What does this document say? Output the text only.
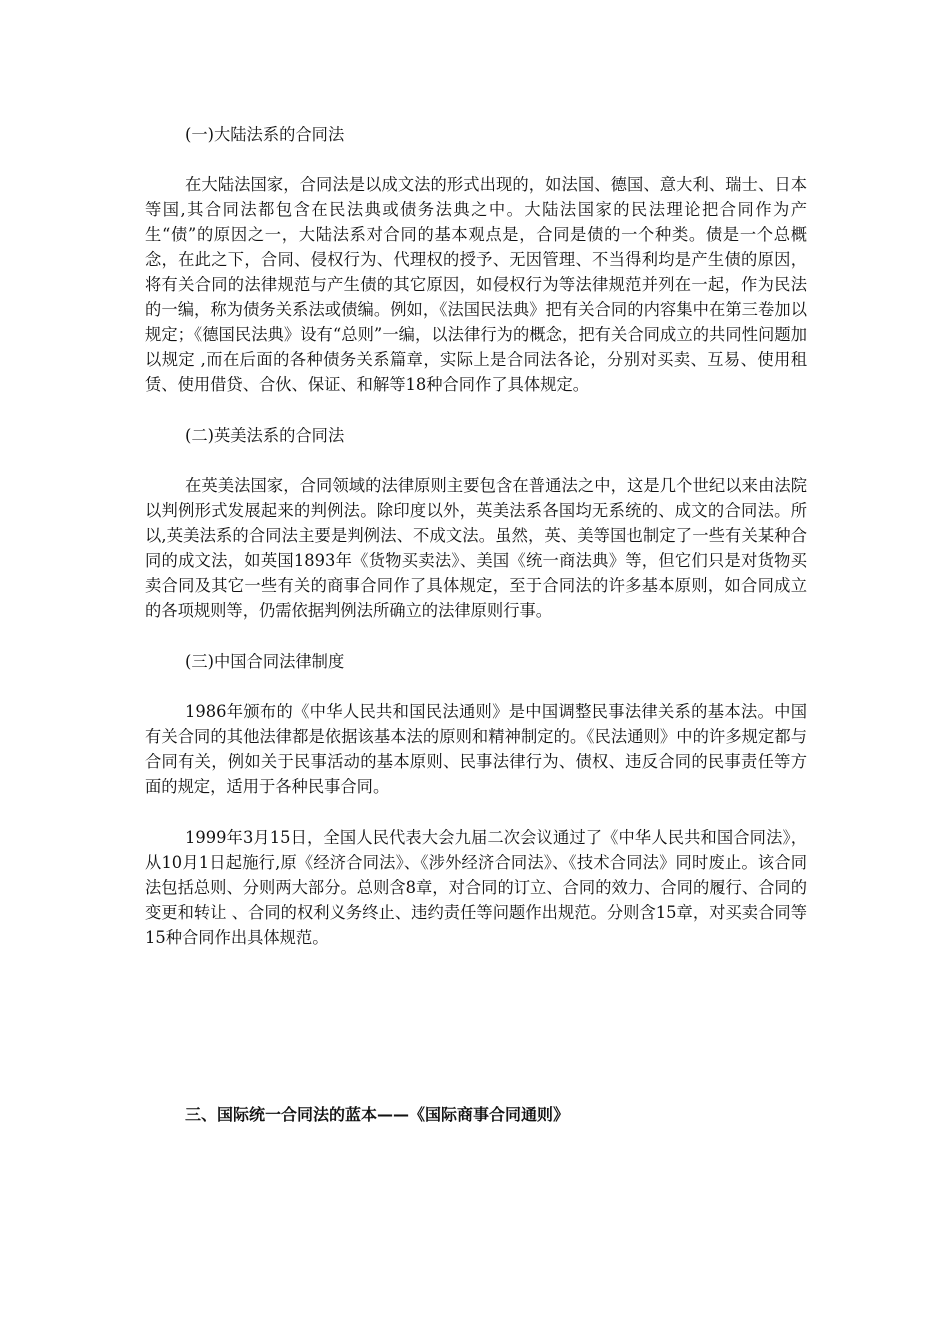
(一)大陆法系的合同法

在大陆法国家，合同法是以成文法的形式出现的，如法国、德国、意大利、瑞士、日本等国,其合同法都包含在民法典或债务法典之中。大陆法国家的民法理论把合同作为产生“债”的原因之一，大陆法系对合同的基本观点是，合同是债的一个种类。债是一个总概念，在此之下，合同、侵权行为、代理权的授予、无因管理、不当得利均是产生债的原因，将有关合同的法律规范与产生债的其它原因，如侵权行为等法律规范并列在一起，作为民法的一编，称为债务关系法或债编。例如，《法国民法典》把有关合同的内容集中在第三卷加以规定；《德国民法典》设有“总则”一编，以法律行为的概念，把有关合同成立的共同性问题加以规定 ,而在后面的各种债务关系篇章，实际上是合同法各论，分别对买卖、互易、使用租赁、使用借贷、合伙、保证、和解等18种合同作了具体规定。

(二)英美法系的合同法

在英美法国家，合同领域的法律原则主要包含在普通法之中，这是几个世纪以来由法院以判例形式发展起来的判例法。除印度以外，英美法系各国均无系统的、成文的合同法。所以,英美法系的合同法主要是判例法、不成文法。虽然，英、美等国也制定了一些有关某种合同的成文法，如英国1893年《货物买卖法》、美国《统一商法典》等，但它们只是对货物买卖合同及其它一些有关的商事合同作了具体规定，至于合同法的许多基本原则，如合同成立的各项规则等，仍需依据判例法所确立的法律原则行事。

(三)中国合同法律制度

1986年颁布的《中华人民共和国民法通则》是中国调整民事法律关系的基本法。中国有关合同的其他法律都是依据该基本法的原则和精神制定的。《民法通则》中的许多规定都与合同有关，例如关于民事活动的基本原则、民事法律行为、债权、违反合同的民事责任等方面的规定，适用于各种民事合同。

1999年3月15日，全国人民代表大会九届二次会议通过了《中华人民共和国合同法》，从10月1日起施行,原《经济合同法》、《涉外经济合同法》、《技术合同法》同时废止。该合同法包括总则、分则两大部分。总则含8章，对合同的订立、合同的效力、合同的履行、合同的变更和转让 、合同的权利义务终止、违约责任等问题作出规范。分则含15章，对买卖合同等15种合同作出具体规范。

三、国际统一合同法的蓝本——《国际商事合同通则》
